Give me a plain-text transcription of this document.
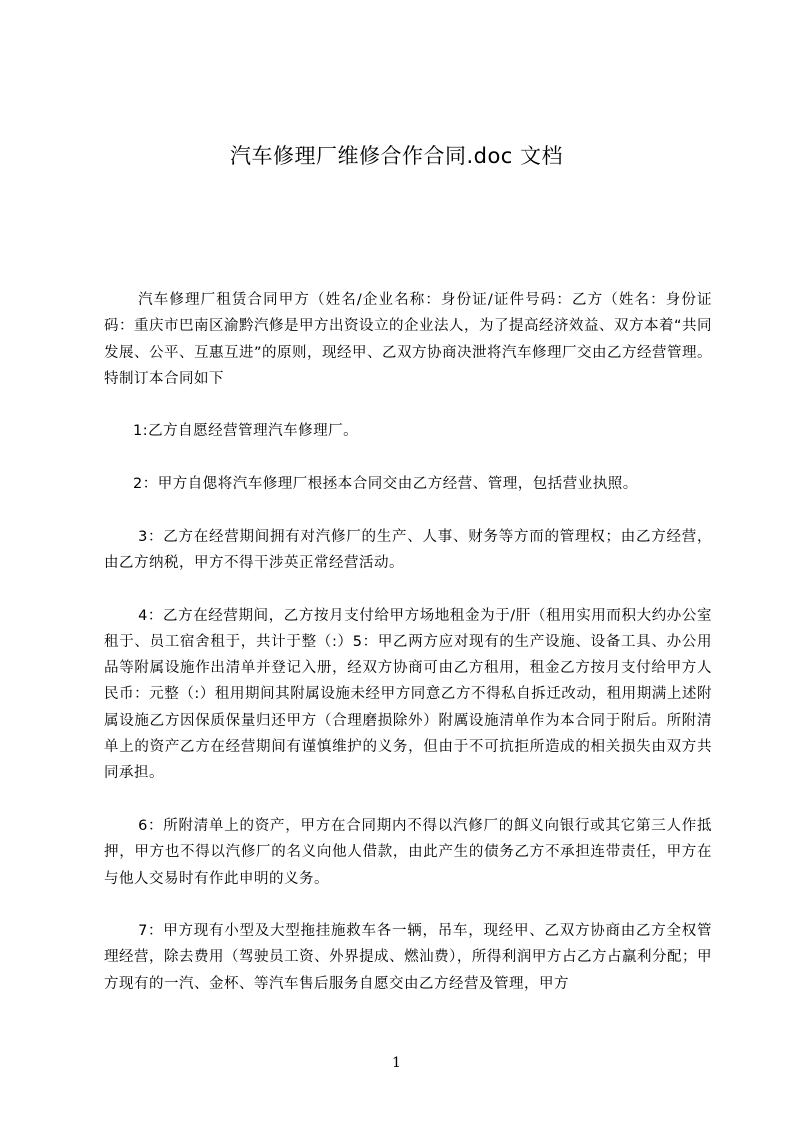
汽车修理厂维修合作合同.doc 文档

汽车修理厂租赁合同甲方（姓名/企业名称：身份证/证件号码：乙方（姓名：身份证码：重庆市巴南区渝黔汽修是甲方出资设立的企业法人，为了提高经济效益、双方本着“共同发展、公平、互惠互进”的原则，现经甲、乙双方协商决泄将汽车修理厂交由乙方经营管理。特制订本合同如下

1:乙方自愿经营管理汽车修理厂。

2：甲方自偲将汽车修理厂根拯本合同交由乙方经营、管理，包括营业执照。

3：乙方在经营期间拥有对汽修厂的生产、人事、财务等方而的管理权；由乙方经营，由乙方纳税，甲方不得干涉英正常经营活动。

4：乙方在经营期间，乙方按月支付给甲方场地租金为于/肝（租用实用而积大约办公室租于、员工宿舍租于，共计于整（:）5：甲乙两方应对现有的生产设施、设备工具、办公用品等附属设施作出清单并登记入册，经双方协商可由乙方租用，租金乙方按月支付给甲方人民币：元整（:）租用期间其附属设施未经甲方同意乙方不得私自拆迁改动，租用期满上述附属设施乙方因保质保量归还甲方（合理磨损除外）附厲设施清单作为本合同于附后。所附清单上的资产乙方在经营期间有谨慎维护的义务，但由于不可抗拒所造成的相关损失由双方共同承担。

6：所附清单上的资产，甲方在合同期内不得以汽修厂的餌义向银行或其它第三人作抵押，甲方也不得以汽修厂的名义向他人借款，由此产生的债务乙方不承担连带责任，甲方在与他人交易时有作此申明的义务。

7：甲方现有小型及大型拖挂施救车各一辆，吊车，现经甲、乙双方协商由乙方全权管理经营，除去费用（驾驶员工资、外界提成、燃汕费），所得利润甲方占乙方占羸利分配；甲方现有的一汽、金杯、等汽车售后服务自愿交由乙方经营及管理，甲方

1
